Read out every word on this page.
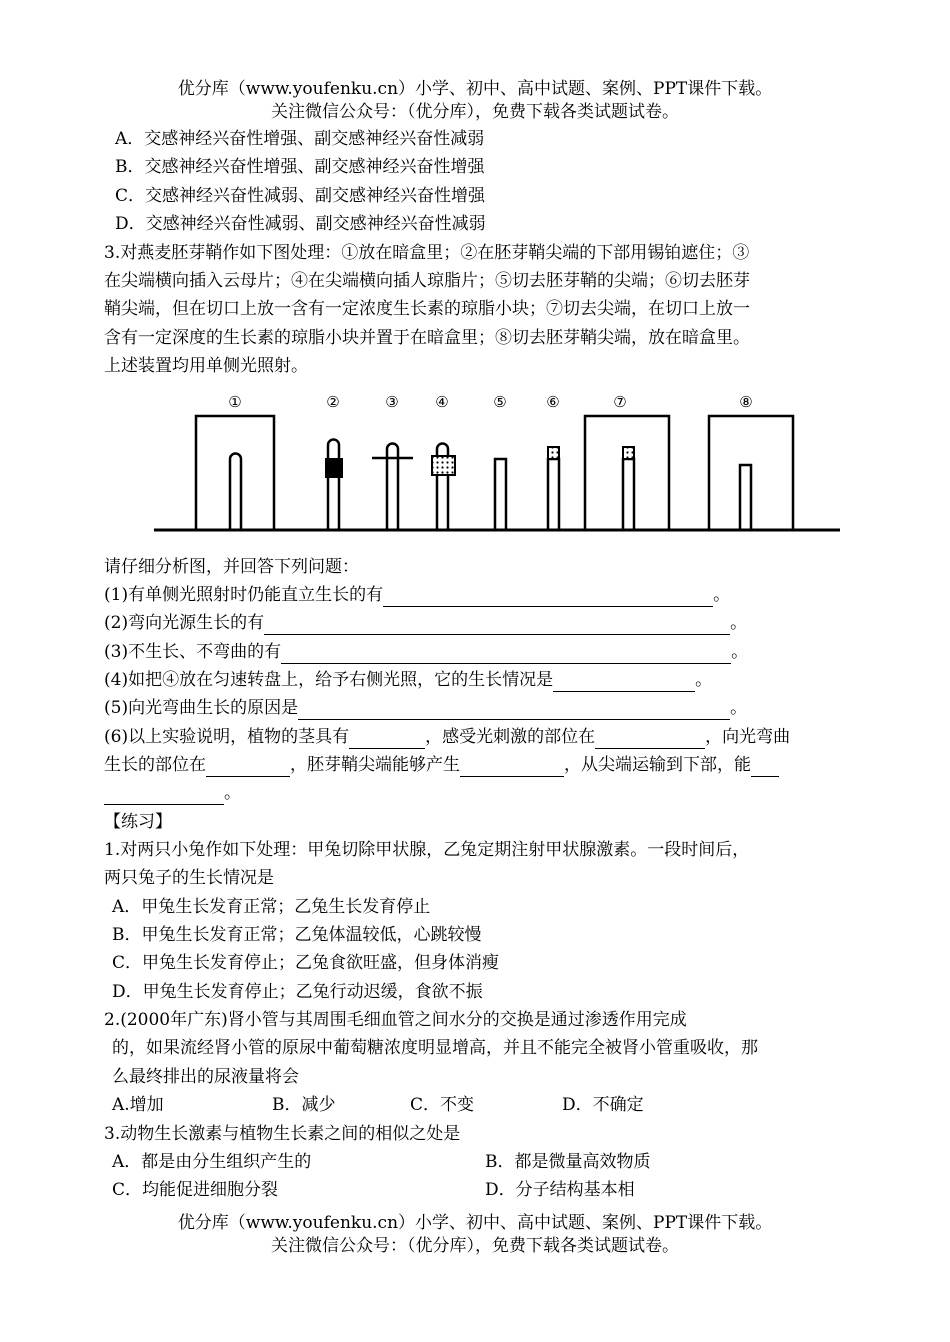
优分库（www.youfenku.cn）小学、初中、高中试题、案例、PPT课件下载。
关注微信公众号：（优分库），免费下载各类试题试卷。
A．交感神经兴奋性增强、副交感神经兴奋性减弱
B．交感神经兴奋性增强、副交感神经兴奋性增强
C．交感神经兴奋性减弱、副交感神经兴奋性增强
D．交感神经兴奋性减弱、副交感神经兴奋性减弱
3.对燕麦胚芽鞘作如下图处理：①放在暗盒里；②在胚芽鞘尖端的下部用锡铂遮住；③
在尖端横向插入云母片；④在尖端横向插人琼脂片；⑤切去胚芽鞘的尖端；⑥切去胚芽
鞘尖端，但在切口上放一含有一定浓度生长素的琼脂小块；⑦切去尖端，在切口上放一
含有一定深度的生长素的琼脂小块并置于在暗盒里；⑧切去胚芽鞘尖端，放在暗盒里。
上述装置均用单侧光照射。
①	②	③ ④	⑤	⑥	⑦	⑧
请仔细分析图，并回答下列问题：
(1)有单侧光照射时仍能直立生长的有	。
(2)弯向光源生长的有	。
(3)不生长、不弯曲的有	。
(4)如把④放在匀速转盘上，给予右侧光照，它的生长情况是	。
(5)向光弯曲生长的原因是	。
(6)以上实验说明，植物的茎具有	，感受光刺激的部位在	，向光弯曲
生长的部位在	，胚芽鞘尖端能够产生	，从尖端运输到下部，能
。
【练习】
1.对两只小兔作如下处理：甲兔切除甲状腺，乙兔定期注射甲状腺激素。一段时间后，
两只兔子的生长情况是
A．甲兔生长发育正常；乙兔生长发育停止
B．甲兔生长发育正常；乙兔体温较低，心跳较慢
C．甲兔生长发育停止；乙兔食欲旺盛，但身体消瘦
D．甲兔生长发育停止；乙兔行动迟缓，食欲不振
2.(2000年广东)肾小管与其周围毛细血管之间水分的交换是通过渗透作用完成
的，如果流经肾小管的原尿中葡萄糖浓度明显增高，并且不能完全被肾小管重吸收，那
么最终排出的尿液量将会
A.增加	B．减少	C．不变	D．不确定
3.动物生长激素与植物生长素之间的相似之处是
A．都是由分生组织产生的	B．都是微量高效物质
C．均能促进细胞分裂	D．分子结构基本相
优分库（www.youfenku.cn）小学、初中、高中试题、案例、PPT课件下载。
关注微信公众号：（优分库），免费下载各类试题试卷。
